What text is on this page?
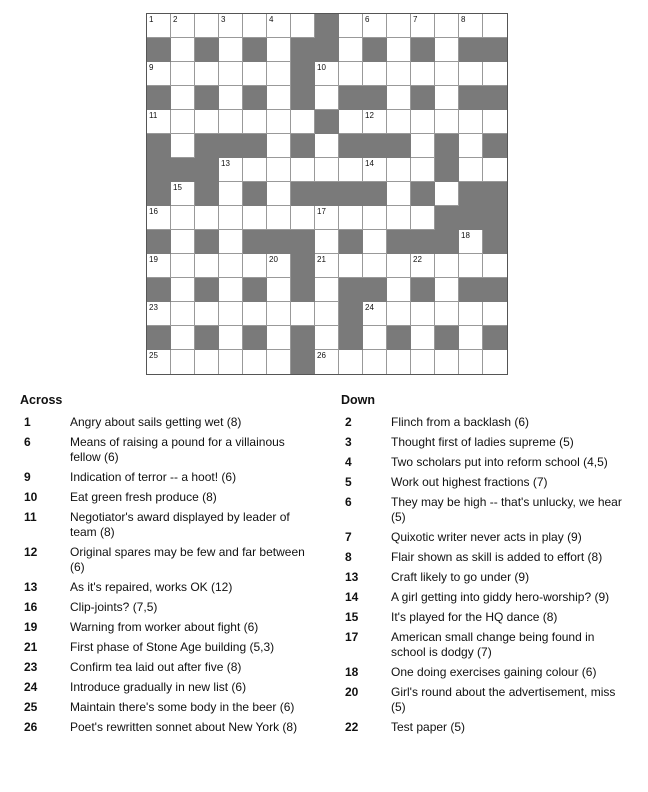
1 2	3	4	6	7	8
9	10
11	12
13	14
15
16	17
18
19	20	21	22
23	24
25	26
Across
1	Angry about sails getting wet (8)
6	Means of raising a pound for a villainous fellow (6)
9	Indication of terror -- a hoot! (6)
10	Eat green fresh produce (8)
11	Negotiator's award displayed by leader of team (8)
12	Original spares may be few and far between (6)
13	As it's repaired, works OK (12)
16	Clip-joints? (7,5)
19	Warning from worker about fight (6)
21	First phase of Stone Age building (5,3)
23	Confirm tea laid out after five (8)
24	Introduce gradually in new list (6)
25	Maintain there's some body in the beer (6)
26	Poet's rewritten sonnet about New York (8)
Down
2	Flinch from a backlash (6)
3	Thought first of ladies supreme (5)
4	Two scholars put into reform school (4,5)
5	Work out highest fractions (7)
6	They may be high -- that's unlucky, we hear (5)
7	Quixotic writer never acts in play (9)
8	Flair shown as skill is added to effort (8)
13	Craft likely to go under (9)
14	A girl getting into giddy hero-worship? (9)
15	It's played for the HQ dance (8)
17	American small change being found in school is dodgy (7)
18	One doing exercises gaining colour (6)
20	Girl's round about the advertisement, miss (5)
22	Test paper (5)
